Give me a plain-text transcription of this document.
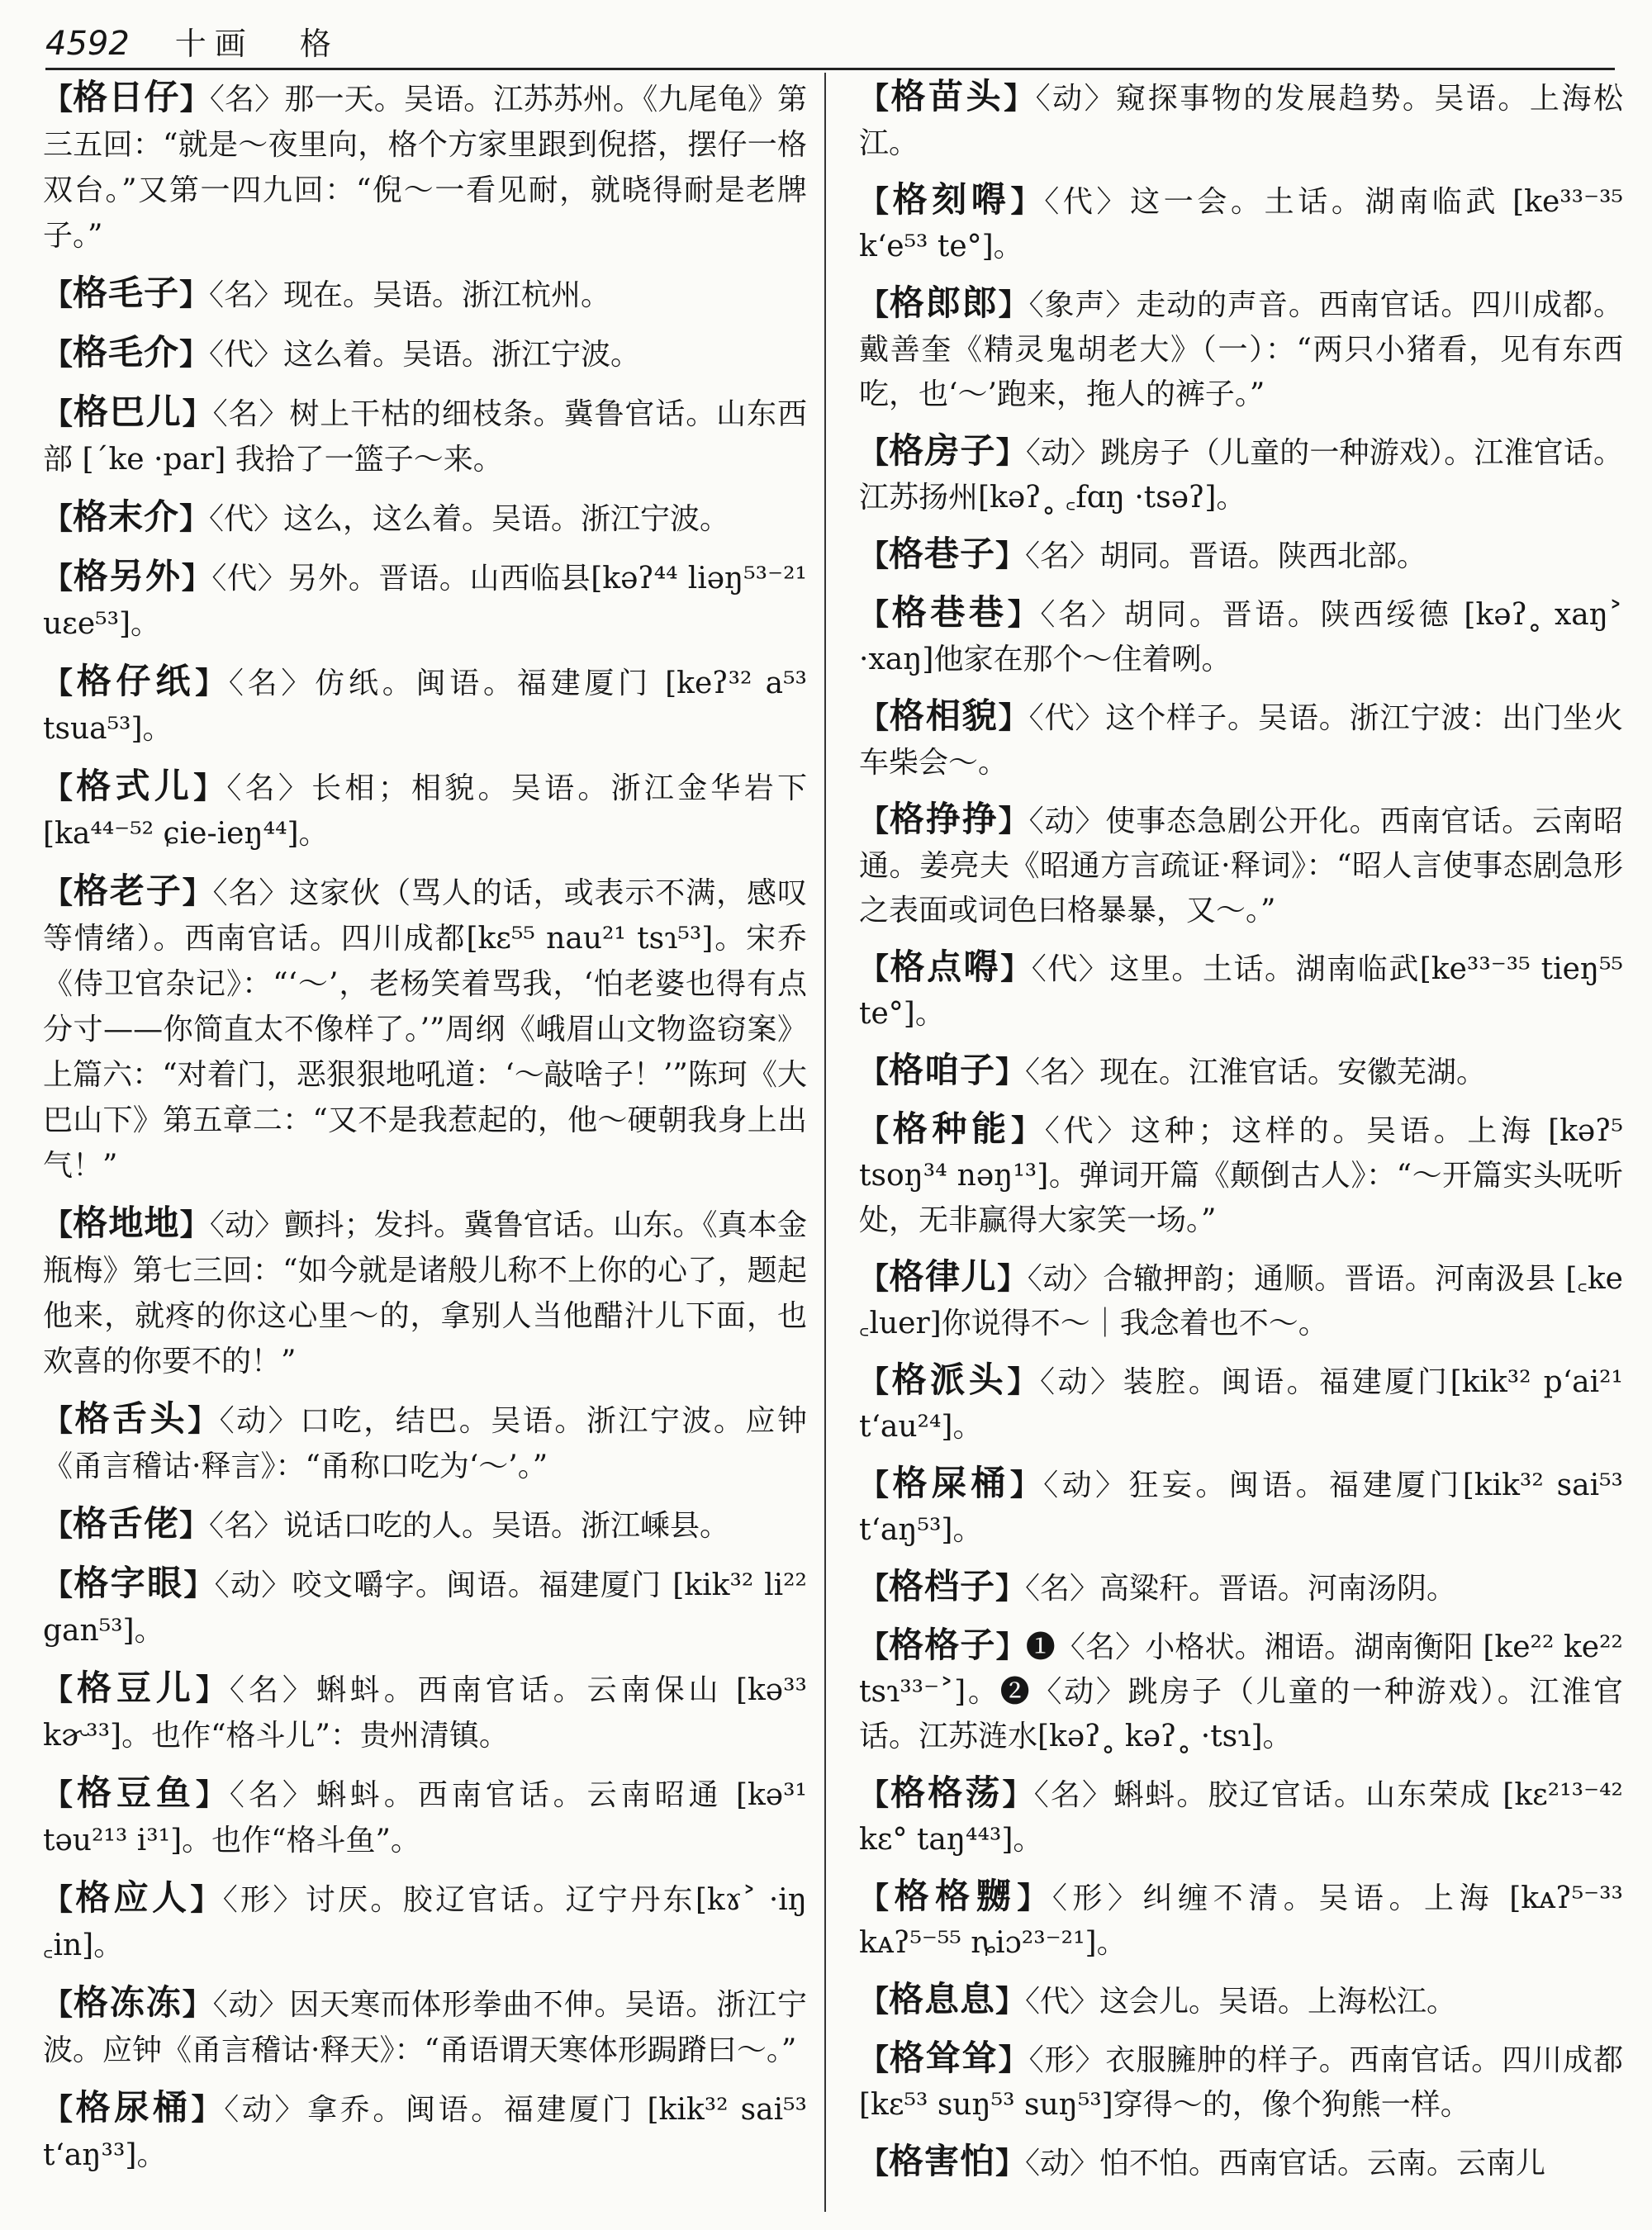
4592 十画 格
【格日仔】〈名〉那一天。吴语。江苏苏州。《九尾龟》第三五回：“就是～夜里向，格个方家里跟到倪搭，摆仔一格双台。”又第一四九回：“倪～一看见耐，就晓得耐是老牌子。”
【格毛子】〈名〉现在。吴语。浙江杭州。
【格毛介】〈代〉这么着。吴语。浙江宁波。
【格巴儿】〈名〉树上干枯的细枝条。冀鲁官话。山东西部 [ˊke ·par] 我拾了一篮子～来。
【格末介】〈代〉这么，这么着。吴语。浙江宁波。
【格另外】〈代〉另外。晋语。山西临县[kəʔ⁴⁴ liəŋ⁵³⁻²¹ uɛe⁵³]。
【格仔纸】〈名〉仿纸。闽语。福建厦门 [keʔ³² a⁵³ tsua⁵³]。
【格式儿】〈名〉长相；相貌。吴语。浙江金华岩下 [ka⁴⁴⁻⁵² ɕie-ieŋ⁴⁴]。
【格老子】〈名〉这家伙（骂人的话，或表示不满，感叹等情绪）。西南官话。四川成都[kɛ⁵⁵ nau²¹ tsɿ⁵³]。宋乔《侍卫官杂记》：“‘～’，老杨笑着骂我，‘怕老婆也得有点分寸——你简直太不像样了。’”周纲《峨眉山文物盗窃案》上篇六：“对着门，恶狠狠地吼道：‘～敲啥子！’”陈珂《大巴山下》第五章二：“又不是我惹起的，他～硬朝我身上出气！”
【格地地】〈动〉颤抖；发抖。冀鲁官话。山东。《真本金瓶梅》第七三回：“如今就是诸般儿称不上你的心了，题起他来，就疼的你这心里～的，拿别人当他醋汁儿下面，也欢喜的你要不的！”
【格舌头】〈动〉口吃，结巴。吴语。浙江宁波。应钟《甬言稽诂·释言》：“甬称口吃为‘～’。”
【格舌佬】〈名〉说话口吃的人。吴语。浙江嵊县。
【格字眼】〈动〉咬文嚼字。闽语。福建厦门 [kik³² li²² gan⁵³]。
【格豆儿】〈名〉蝌蚪。西南官话。云南保山 [kə³³ kɚ³³]。也作“格斗儿”：贵州清镇。
【格豆鱼】〈名〉蝌蚪。西南官话。云南昭通 [kə³¹ təu²¹³ i³¹]。也作“格斗鱼”。
【格应人】〈形〉讨厌。胶辽官话。辽宁丹东[kɤ˃ ·iŋ ꜀in]。
【格冻冻】〈动〉因天寒而体形拳曲不伸。吴语。浙江宁波。应钟《甬言稽诂·释天》：“甬语谓天寒体形跼蹐曰～。”
【格尿桶】〈动〉拿乔。闽语。福建厦门 [kik³² sai⁵³ tʻaŋ³³]。
【格苗头】〈动〉窥探事物的发展趋势。吴语。上海松江。
【格刻嘚】〈代〉这一会。土话。湖南临武 [ke³³⁻³⁵ kʻe⁵³ te°]。
【格郎郎】〈象声〉走动的声音。西南官话。四川成都。戴善奎《精灵鬼胡老大》（一）：“两只小猪看，见有东西吃，也‘～’跑来，拖人的裤子。”
【格房子】〈动〉跳房子（儿童的一种游戏）。江淮官话。江苏扬州[kəʔ˳ ꜀fɑŋ ·tsəʔ]。
【格巷子】〈名〉胡同。晋语。陕西北部。
【格巷巷】〈名〉胡同。晋语。陕西绥德 [kəʔ˳ xaŋ˃ ·xaŋ]他家在那个～住着咧。
【格相貌】〈代〉这个样子。吴语。浙江宁波：出门坐火车柴会～。
【格挣挣】〈动〉使事态急剧公开化。西南官话。云南昭通。姜亮夫《昭通方言疏证·释词》：“昭人言使事态剧急形之表面或词色曰格暴暴，又～。”
【格点嘚】〈代〉这里。土话。湖南临武[ke³³⁻³⁵ tieŋ⁵⁵ te°]。
【格咱子】〈名〉现在。江淮官话。安徽芜湖。
【格种能】〈代〉这种；这样的。吴语。上海 [kəʔ⁵ tsoŋ³⁴ nəŋ¹³]。弹词开篇《颠倒古人》：“～开篇实头呒听处，无非赢得大家笑一场。”
【格律儿】〈动〉合辙押韵；通顺。晋语。河南汲县 [꜀ke ꜀luer]你说得不～｜我念着也不～。
【格派头】〈动〉装腔。闽语。福建厦门[kik³² pʻai²¹ tʻau²⁴]。
【格屎桶】〈动〉狂妄。闽语。福建厦门[kik³² sai⁵³ tʻaŋ⁵³]。
【格档子】〈名〉高粱秆。晋语。河南汤阴。
【格格子】❶〈名〉小格状。湘语。湖南衡阳 [ke²² ke²² tsɿ³³⁻˃]。❷〈动〉跳房子（儿童的一种游戏）。江淮官话。江苏涟水[kəʔ˳ kəʔ˳ ·tsɿ]。
【格格荡】〈名〉蝌蚪。胶辽官话。山东荣成 [kɛ²¹³⁻⁴² kɛ° taŋ⁴⁴³]。
【格格嬲】〈形〉纠缠不清。吴语。上海 [kᴀʔ⁵⁻³³ kᴀʔ⁵⁻⁵⁵ ȵiɔ²³⁻²¹]。
【格息息】〈代〉这会儿。吴语。上海松江。
【格耸耸】〈形〉衣服臃肿的样子。西南官话。四川成都 [kɛ⁵³ suŋ⁵³ suŋ⁵³]穿得～的，像个狗熊一样。
【格害怕】〈动〉怕不怕。西南官话。云南。云南儿
